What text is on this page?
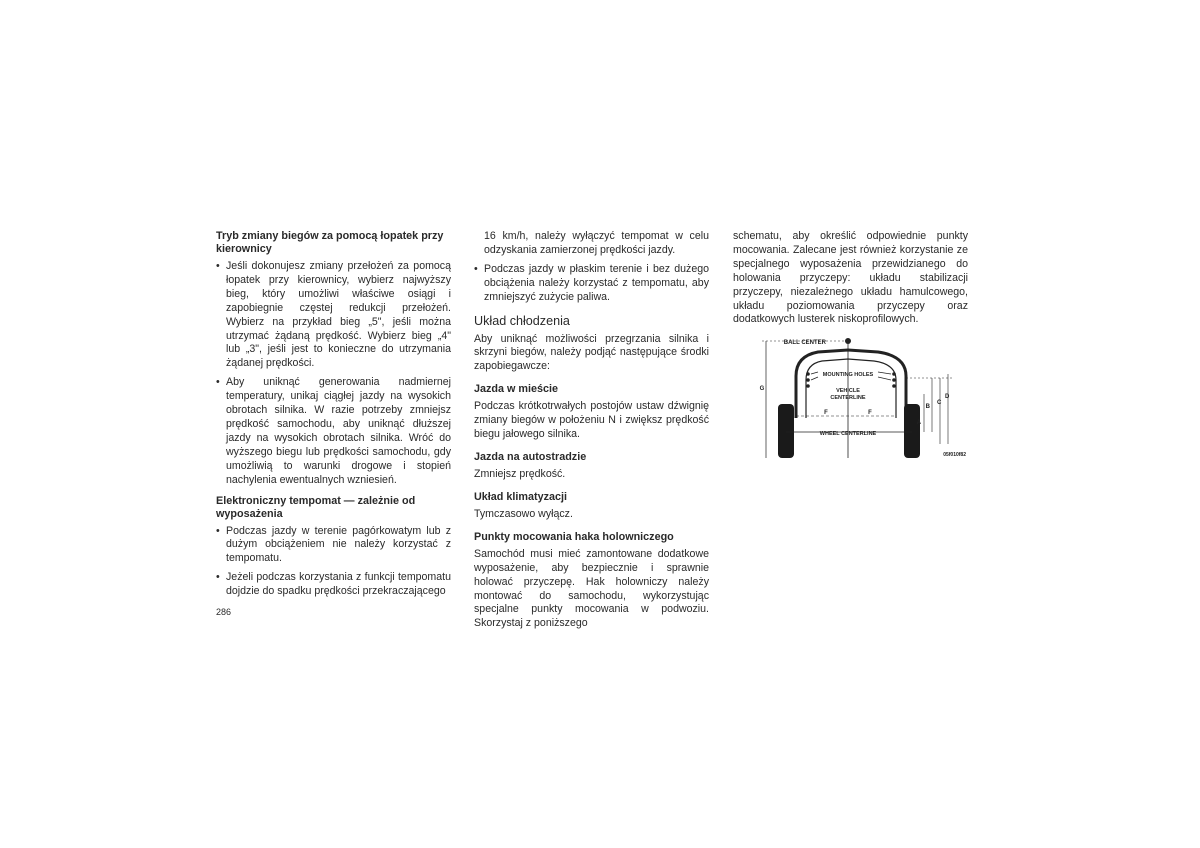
Tryb zmiany biegów za pomocą łopatek przy kierownicy
• Jeśli dokonujesz zmiany przełożeń za pomocą łopatek przy kierownicy, wybierz najwyższy bieg, który umożliwi właściwe osiągi i zapobiegnie częstej redukcji przełożeń. Wybierz na przykład bieg „5", jeśli można utrzymać żądaną prędkość. Wybierz bieg „4" lub „3", jeśli jest to konieczne do utrzymania żądanej prędkości.
• Aby uniknąć generowania nadmiernej temperatury, unikaj ciągłej jazdy na wysokich obrotach silnika. W razie potrzeby zmniejsz prędkość samochodu, aby uniknąć dłuższej jazdy na wysokich obrotach silnika. Wróć do wyższego biegu lub prędkości samochodu, gdy umożliwią to warunki drogowe i stopień nachylenia ewentualnych wzniesień.
Elektroniczny tempomat — zależnie od wyposażenia
• Podczas jazdy w terenie pagórkowatym lub z dużym obciążeniem nie należy korzystać z tempomatu.
• Jeżeli podczas korzystania z funkcji tempomatu dojdzie do spadku prędkości przekraczającego

16 km/h, należy wyłączyć tempomat w celu odzyskania zamierzonej prędkości jazdy.

• Podczas jazdy w płaskim terenie i bez dużego obciążenia należy korzystać z tempomatu, aby zmniejszyć zużycie paliwa.
Układ chłodzenia

Aby uniknąć możliwości przegrzania silnika i skrzyni biegów, należy podjąć następujące środki zapobiegawcze:

Jazda w mieście

Podczas krótkotrwałych postojów ustaw dźwignię zmiany biegów w położeniu N i zwiększ prędkość biegu jałowego silnika.

Jazda na autostradzie

Zmniejsz prędkość.

Układ klimatyzacji

Tymczasowo wyłącz.

Punkty mocowania haka holowniczego

Samochód musi mieć zamontowane dodatkowe wyposażenie, aby bezpiecznie i sprawnie holować przyczepę. Hak holowniczy należy montować do samochodu, wykorzystując specjalne punkty mocowania w podwoziu. Skorzystaj z poniższego

schematu, aby określić odpowiednie punkty mocowania. Zalecane jest również korzystanie ze specjalnego wyposażenia przewidzianego do holowania przyczepy: układu stabilizacji przyczepy, niezależnego układu hamulcowego, układu poziomowania przyczepy oraz dodatkowych lusterek niskoprofilowych.

BALL CENTER
MOUNTING HOLES
VEHICLE
CENTERLINE
WHEEL CENTERLINE
F	F
G
A
B
C
D
05f010f82
286
